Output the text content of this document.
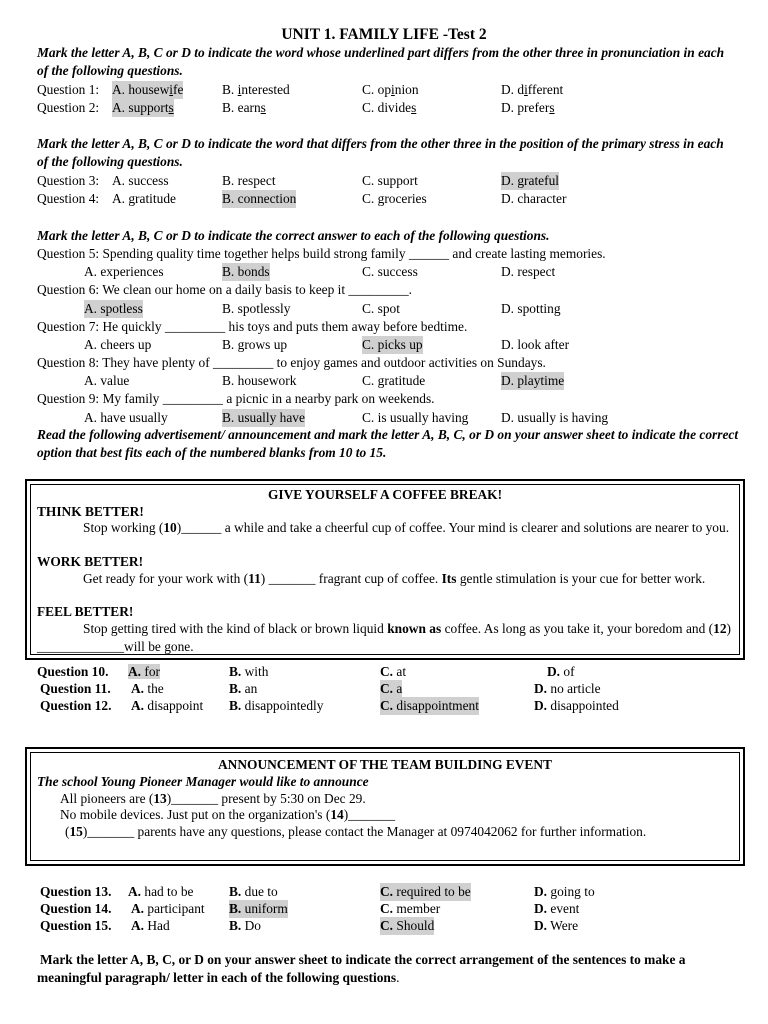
UNIT 1. FAMILY LIFE -Test 2
Mark the letter A, B, C or D to indicate the word whose underlined part differs from the other three in pronunciation in each of the following questions.
Question 1: A. housewife	B. interested	C. opinion	D. different
Question 2: A. supports	B. earns	C. divides	D. prefers
Mark the letter A, B, C or D to indicate the word that differs from the other three in the position of the primary stress in each of the following questions.
Question 3: A. success	B. respect	C. support	D. grateful
Question 4: A. gratitude	B. connection	C. groceries	D. character
Mark the letter A, B, C or D to indicate the correct answer to each of the following questions.
Question 5: Spending quality time together helps build strong family ______ and create lasting memories.
A. experiences	B. bonds	C. success	D. respect
Question 6: We clean our home on a daily basis to keep it _________.
A. spotless	B. spotlessly	C. spot	D. spotting
Question 7: He quickly _________ his toys and puts them away before bedtime.
A. cheers up	B. grows up	C. picks up	D. look after
Question 8: They have plenty of _________ to enjoy games and outdoor activities on Sundays.
A. value	B. housework	C. gratitude	D. playtime
Question 9: My family _________ a picnic in a nearby park on weekends.
A. have usually	B. usually have	C. is usually having D. usually is having
Read the following advertisement/ announcement and mark the letter A, B, C, or D on your answer sheet to indicate the correct option that best fits each of the numbered blanks from 10 to 15.
GIVE YOURSELF A COFFEE BREAK!
THINK BETTER!
Stop working (10)______ a while and take a cheerful cup of coffee. Your mind is clearer and solutions are nearer to you.
WORK BETTER!
Get ready for your work with (11) _______ fragrant cup of coffee. Its gentle stimulation is your cue for better work.
FEEL BETTER!
Stop getting tired with the kind of black or brown liquid known as coffee. As long as you take it, your boredom and (12) _____________will be gone.
Question 10. A. for	B. with	C. at	D. of
Question 11. A. the	B. an	C. a	D. no article
Question 12. A. disappoint B. disappointedly	C. disappointment	D. disappointed
ANNOUNCEMENT OF THE TEAM BUILDING EVENT
The school Young Pioneer Manager would like to announce
All pioneers are (13)_______ present by 5:30 on Dec 29.
No mobile devices. Just put on the organization's (14)_______
(15)_______ parents have any questions, please contact the Manager at 0974042062 for further information.
Question 13. A. had to be	B. due to	C. required to be	D. going to
Question 14. A. participant B. uniform	C. member	D. event
Question 15. A. Had	B. Do	C. Should	D. Were
Mark the letter A, B, C, or D on your answer sheet to indicate the correct arrangement of the sentences to make a meaningful paragraph/ letter in each of the following questions.
